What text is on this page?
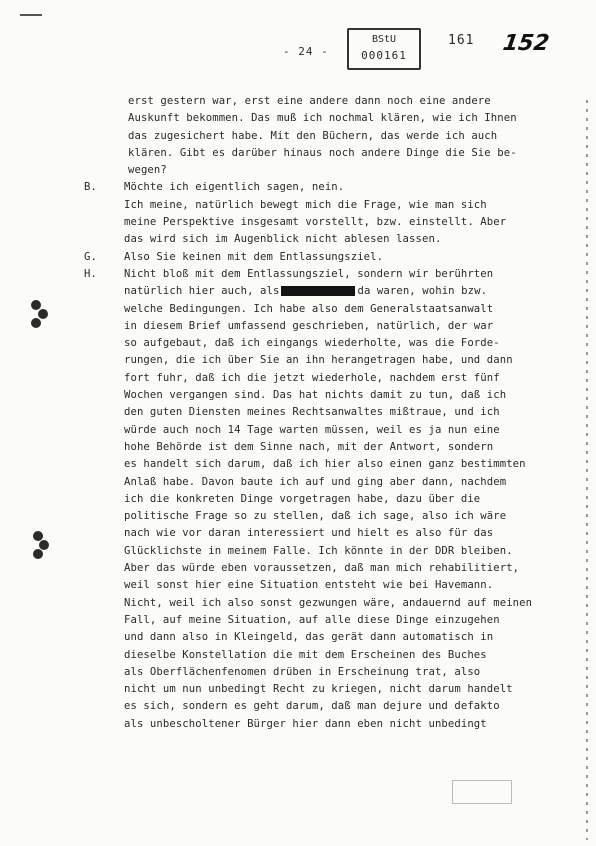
- 24 -
BStU
000161
161 152
erst gestern war, erst eine andere dann noch eine andere
Auskunft bekommen. Das muß ich nochmal klären, wie ich Ihnen
das zugesichert habe. Mit den Büchern, das werde ich auch
klären. Gibt es darüber hinaus noch andere Dinge die Sie be-
wegen?
B.	Möchte ich eigentlich sagen, nein.
Ich meine, natürlich bewegt mich die Frage, wie man sich
meine Perspektive insgesamt vorstellt, bzw. einstellt. Aber
das wird sich im Augenblick nicht ablesen lassen.
G.	Also Sie keinen mit dem Entlassungsziel.
H.	Nicht bloß mit dem Entlassungsziel, sondern wir berührten
natürlich hier auch, als	da waren, wohin bzw.
welche Bedingungen. Ich habe also dem Generalstaatsanwalt
in diesem Brief umfassend geschrieben, natürlich, der war
so aufgebaut, daß ich eingangs wiederholte, was die Forde-
rungen, die ich über Sie an ihn herangetragen habe, und dann
fort fuhr, daß ich die jetzt wiederhole, nachdem erst fünf
Wochen vergangen sind. Das hat nichts damit zu tun, daß ich
den guten Diensten meines Rechtsanwaltes mißtraue, und ich
würde auch noch 14 Tage warten müssen, weil es ja nun eine
hohe Behörde ist dem Sinne nach, mit der Antwort, sondern
es handelt sich darum, daß ich hier also einen ganz bestimmten
Anlaß habe. Davon baute ich auf und ging aber dann, nachdem
ich die konkreten Dinge vorgetragen habe, dazu über die
politische Frage so zu stellen, daß ich sage, also ich wäre
nach wie vor daran interessiert und hielt es also für das
Glücklichste in meinem Falle. Ich könnte in der DDR bleiben.
Aber das würde eben voraussetzen, daß man mich rehabilitiert,
weil sonst hier eine Situation entsteht wie bei Havemann.
Nicht, weil ich also sonst gezwungen wäre, andauernd auf meinen
Fall, auf meine Situation, auf alle diese Dinge einzugehen
und dann also in Kleingeld, das gerät dann automatisch in
dieselbe Konstellation die mit dem Erscheinen des Buches
als Oberflächenfenomen drüben in Erscheinung trat, also
nicht um nun unbedingt Recht zu kriegen, nicht darum handelt
es sich, sondern es geht darum, daß man dejure und defakto
als unbescholtener Bürger hier dann eben nicht unbedingt
